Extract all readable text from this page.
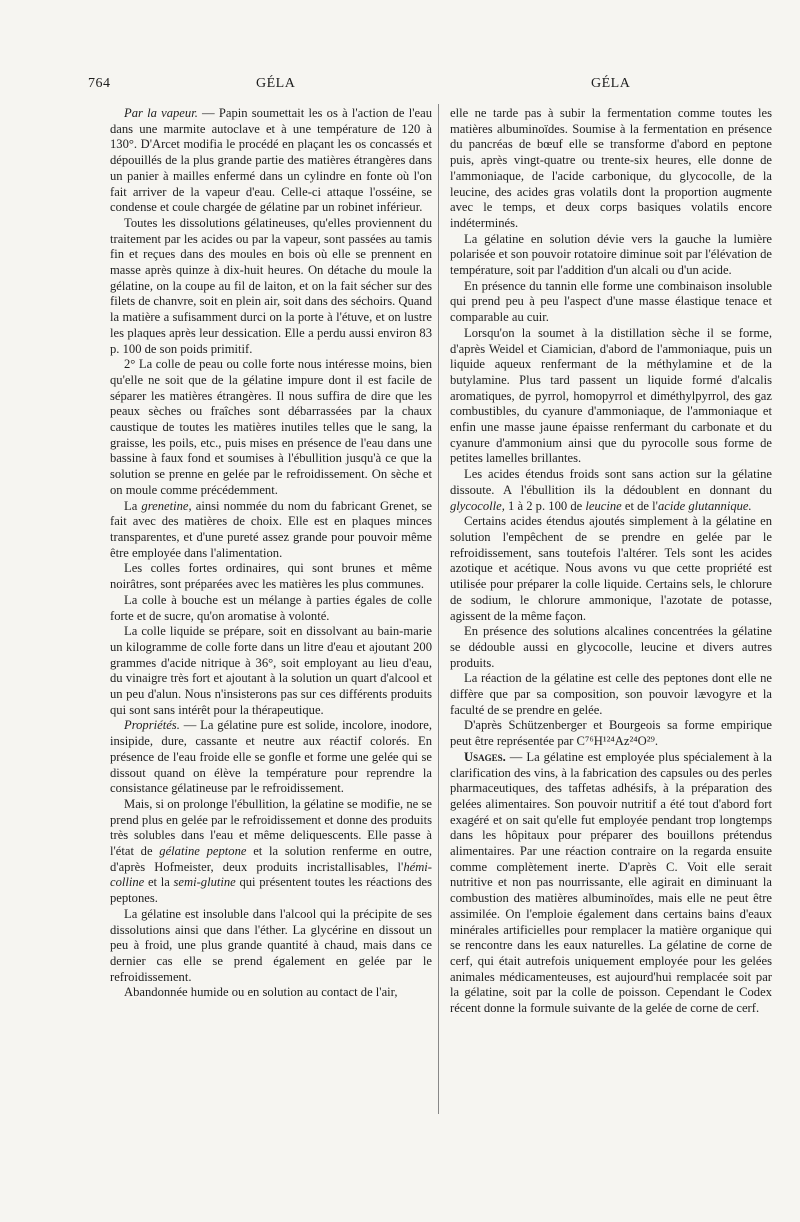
764	GÉLA	GÉLA

Par la vapeur. — Papin soumettait les os à l'action de l'eau dans une marmite autoclave et à une température de 120 à 130°. D'Arcet modifia le procédé en plaçant les os concassés et dépouillés de la plus grande partie des matières étrangères dans un panier à mailles enfermé dans un cylindre en fonte où l'on fait arriver de la vapeur d'eau. Celle-ci attaque l'osséine, se condense et coule chargée de gélatine par un robinet inférieur.

Toutes les dissolutions gélatineuses, qu'elles proviennent du traitement par les acides ou par la vapeur, sont passées au tamis fin et reçues dans des moules en bois où elle se prennent en masse après quinze à dix-huit heures. On détache du moule la gélatine, on la coupe au fil de laiton, et on la fait sécher sur des filets de chanvre, soit en plein air, soit dans des séchoirs. Quand la matière a sufisamment durci on la porte à l'étuve, et on lustre les plaques après leur dessication. Elle a perdu aussi environ 83 p. 100 de son poids primitif.

2° La colle de peau ou colle forte nous intéresse moins, bien qu'elle ne soit que de la gélatine impure dont il est facile de séparer les matières étrangères. Il nous suffira de dire que les peaux sèches ou fraîches sont débarrassées par la chaux caustique de toutes les matières inutiles telles que le sang, la graisse, les poils, etc., puis mises en présence de l'eau dans une bassine à faux fond et soumises à l'ébullition jusqu'à ce que la solution se prenne en gelée par le refroidissement. On sèche et on moule comme précédemment.

La grenetine, ainsi nommée du nom du fabricant Grenet, se fait avec des matières de choix. Elle est en plaques minces transparentes, et d'une pureté assez grande pour pouvoir même être employée dans l'alimentation.

Les colles fortes ordinaires, qui sont brunes et même noirâtres, sont préparées avec les matières les plus communes.

La colle à bouche est un mélange à parties égales de colle forte et de sucre, qu'on aromatise à volonté.

La colle liquide se prépare, soit en dissolvant au bain-marie un kilogramme de colle forte dans un litre d'eau et ajoutant 200 grammes d'acide nitrique à 36°, soit employant au lieu d'eau, du vinaigre très fort et ajoutant à la solution un quart d'alcool et un peu d'alun. Nous n'insisterons pas sur ces différents produits qui sont sans intérêt pour la thérapeutique.

Propriétés. — La gélatine pure est solide, incolore, inodore, insipide, dure, cassante et neutre aux réactif colorés. En présence de l'eau froide elle se gonfle et forme une gelée qui se dissout quand on élève la température pour reprendre la consistance gélatineuse par le refroidissement.

Mais, si on prolonge l'ébullition, la gélatine se modifie, ne se prend plus en gelée par le refroidissement et donne des produits très solubles dans l'eau et même deliquescents. Elle passe à l'état de gélatine peptone et la solution renferme en outre, d'après Hofmeister, deux produits incristallisables, l'hémi-colline et la semi-glutine qui présentent toutes les réactions des peptones.

La gélatine est insoluble dans l'alcool qui la précipite de ses dissolutions ainsi que dans l'éther. La glycérine en dissout un peu à froid, une plus grande quantité à chaud, mais dans ce dernier cas elle se prend également en gelée par le refroidissement.

Abandonnée humide ou en solution au contact de l'air,

elle ne tarde pas à subir la fermentation comme toutes les matières albuminoïdes. Soumise à la fermentation en présence du pancréas de bœuf elle se transforme d'abord en peptone puis, après vingt-quatre ou trente-six heures, elle donne de l'ammoniaque, de l'acide carbonique, du glycocolle, de la leucine, des acides gras volatils dont la proportion augmente avec le temps, et deux corps basiques volatils encore indéterminés.

La gélatine en solution dévie vers la gauche la lumière polarisée et son pouvoir rotatoire diminue soit par l'élévation de température, soit par l'addition d'un alcali ou d'un acide.

En présence du tannin elle forme une combinaison insoluble qui prend peu à peu l'aspect d'une masse élastique tenace et comparable au cuir.

Lorsqu'on la soumet à la distillation sèche il se forme, d'après Weidel et Ciamician, d'abord de l'ammoniaque, puis un liquide aqueux renfermant de la méthylamine et de la butylamine. Plus tard passent un liquide formé d'alcalis aromatiques, de pyrrol, homopyrrol et diméthylpyrrol, des gaz combustibles, du cyanure d'ammoniaque, de l'ammoniaque et enfin une masse jaune épaisse renfermant du carbonate et du cyanure d'ammonium ainsi que du pyrocolle sous forme de petites lamelles brillantes.

Les acides étendus froids sont sans action sur la gélatine dissoute. A l'ébullition ils la dédoublent en donnant du glycocolle, 1 à 2 p. 100 de leucine et de l'acide glutannique.

Certains acides étendus ajoutés simplement à la gélatine en solution l'empêchent de se prendre en gelée par le refroidissement, sans toutefois l'altérer. Tels sont les acides azotique et acétique. Nous avons vu que cette propriété est utilisée pour préparer la colle liquide. Certains sels, le chlorure de sodium, le chlorure ammonique, l'azotate de potasse, agissent de la même façon.

En présence des solutions alcalines concentrées la gélatine se dédouble aussi en glycocolle, leucine et divers autres produits.

La réaction de la gélatine est celle des peptones dont elle ne diffère que par sa composition, son pouvoir lævogyre et la faculté de se prendre en gelée.

D'après Schützenberger et Bourgeois sa forme empirique peut être représentée par C⁷⁶H¹²⁴Az²⁴O²⁹.

Usages. — La gélatine est employée plus spécialement à la clarification des vins, à la fabrication des capsules ou des perles pharmaceutiques, des taffetas adhésifs, à la préparation des gelées alimentaires. Son pouvoir nutritif a été tout d'abord fort exagéré et on sait qu'elle fut employée pendant trop longtemps dans les hôpitaux pour préparer des bouillons prétendus alimentaires. Par une réaction contraire on la regarda ensuite comme complètement inerte. D'après C. Voit elle serait nutritive et non pas nourrissante, elle agirait en diminuant la combustion des matières albuminoïdes, mais elle ne peut être assimilée. On l'emploie également dans certains bains d'eaux minérales artificielles pour remplacer la matière organique qui se rencontre dans les eaux naturelles. La gélatine de corne de cerf, qui était autrefois uniquement employée pour les gelées animales médicamenteuses, est aujourd'hui remplacée soit par la gélatine, soit par la colle de poisson. Cependant le Codex récent donne la formule suivante de la gelée de corne de cerf.
